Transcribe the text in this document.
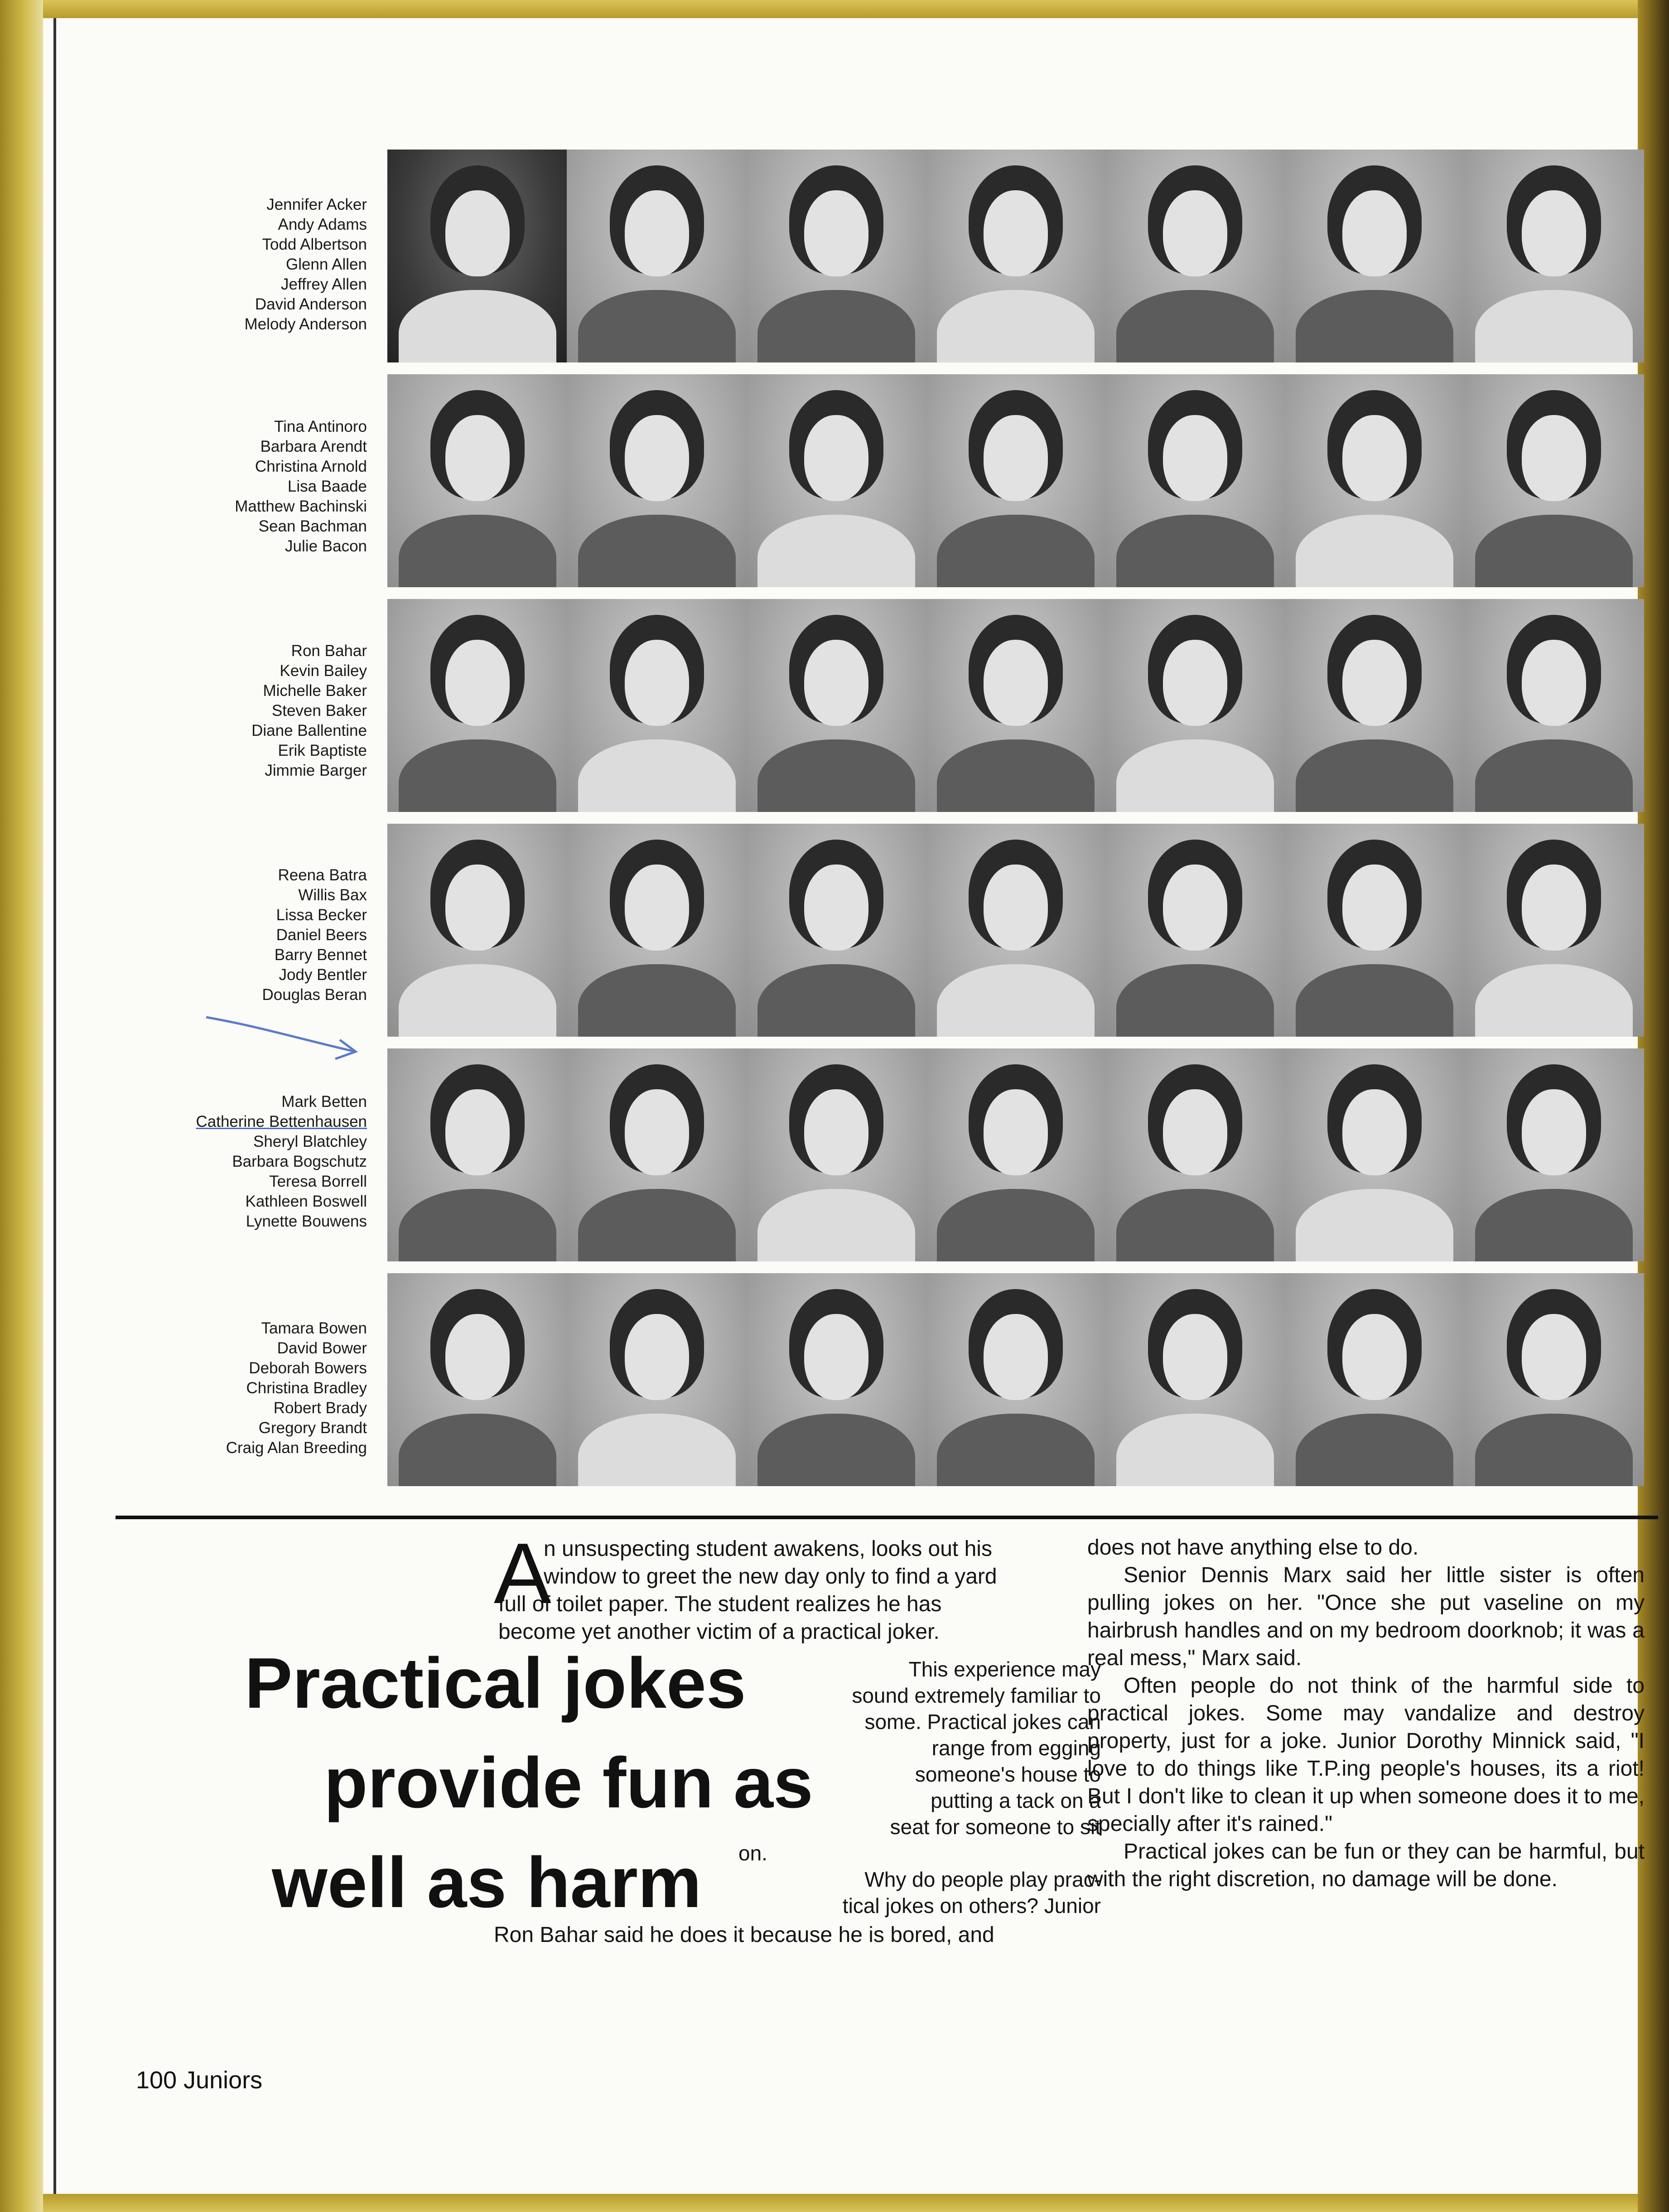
Jennifer Acker
Andy Adams
Todd Albertson
Glenn Allen
Jeffrey Allen
David Anderson
Melody Anderson
Tina Antinoro
Barbara Arendt
Christina Arnold
Lisa Baade
Matthew Bachinski
Sean Bachman
Julie Bacon
Ron Bahar
Kevin Bailey
Michelle Baker
Steven Baker
Diane Ballentine
Erik Baptiste
Jimmie Barger
Reena Batra
Willis Bax
Lissa Becker
Daniel Beers
Barry Bennet
Jody Bentler
Douglas Beran
Mark Betten
Catherine Bettenhausen
Sheryl Blatchley
Barbara Bogschutz
Teresa Borrell
Kathleen Boswell
Lynette Bouwens
Tamara Bowen
David Bower
Deborah Bowers
Christina Bradley
Robert Brady
Gregory Brandt
Craig Alan Breeding
A
n unsuspecting student awakens, looks out his
window to greet the new day only to find a yard
full of toilet paper. The student realizes he has
become yet another victim of a practical joker.
Practical jokes
provide fun as
well as harm
This experience may
sound extremely familiar to
some. Practical jokes can
range from egging
someone's house to
putting a tack on a
seat for someone to sit
on.
Why do people play prac-
tical jokes on others? Junior
Ron Bahar said he does it because he is bored, and
does not have anything else to do.
Senior Dennis Marx said her little sister is often pulling jokes on her. "Once she put vaseline on my hairbrush handles and on my bedroom doorknob; it was a real mess," Marx said.
Often people do not think of the harmful side to practical jokes. Some may vandalize and destroy property, just for a joke. Junior Dorothy Minnick said, "I love to do things like T.P.ing people's houses, its a riot! But I don't like to clean it up when someone does it to me, specially after it's rained."
Practical jokes can be fun or they can be harmful, but with the right discretion, no damage will be done.
100 Juniors
